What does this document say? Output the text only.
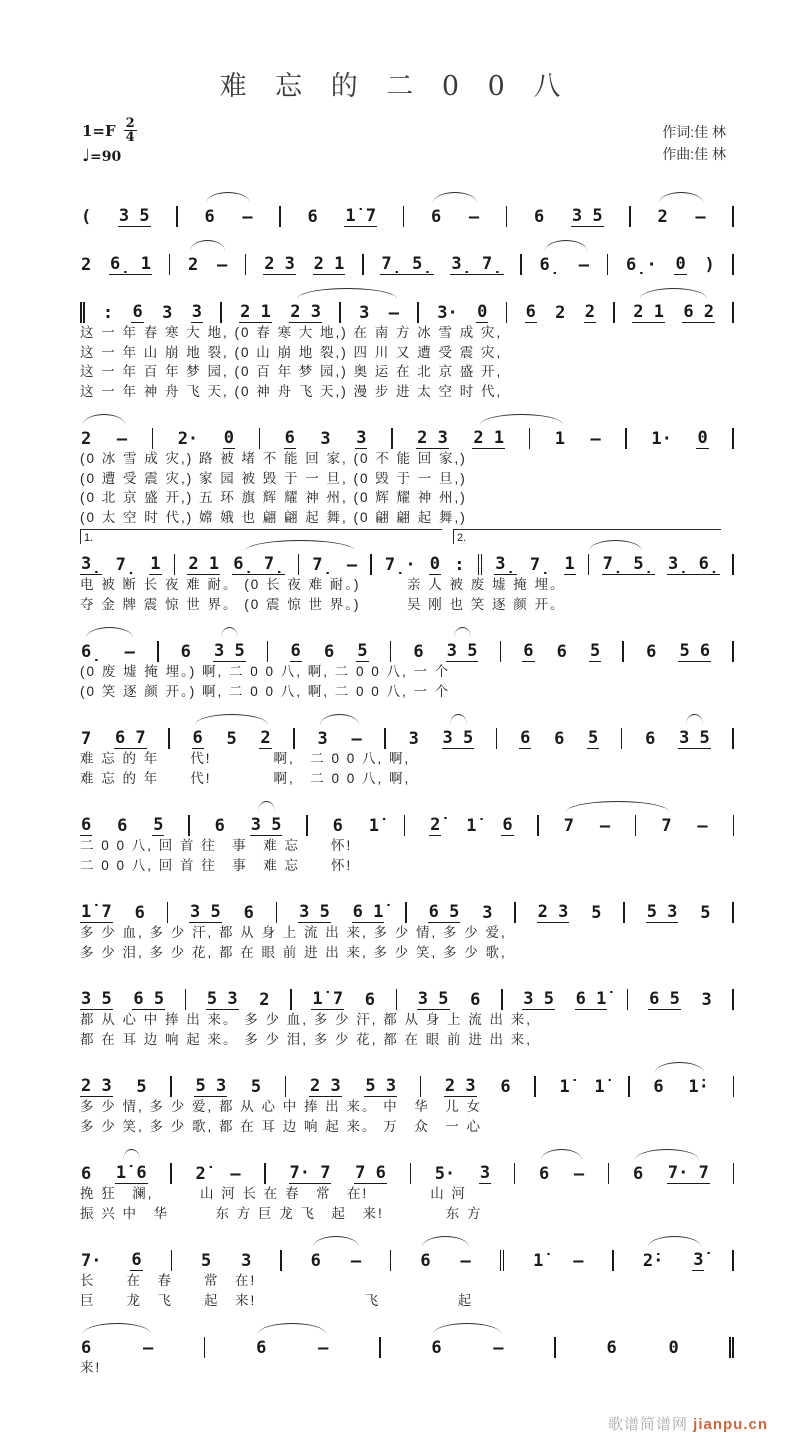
难 忘 的 二 0 0 八
$1=F \frac{2}{4}$
♩=90
作词:佳 林
作曲:佳 林
( 3 5	6 –	6 1̇ 7	6 –	6 3 5	2 –
2 6̣ 1 2 – 2 3 2 1 7̣ 5̣ 3̣ 7̣ 6̣ – 6̣· 0 )
: 6 3 3 2 1 2 3 3 – 3· 0 6 2 2 2 1 6 2
这 一 年 春 寒 大 地, (0 春 寒 大 地,) 在 南 方 冰 雪 成 灾,
这 一 年 山 崩 地 裂, (0 山 崩 地 裂,) 四 川 又 遭 受 震 灾,
这 一 年 百 年 梦 园, (0 百 年 梦 园,) 奥 运 在 北 京 盛 开,
这 一 年 神 舟 飞 天, (0 神 舟 飞 天,) 漫 步 进 太 空 时 代,
2 –	2· 0	6 3 3	2 3 2 1	1 –	1· 0
(0 冰 雪 成 灾,) 路 被 堵 不 能 回 家, (0 不 能 回 家,)
(0 遭 受 震 灾,) 家 园 被 毁 于 一 旦, (0 毁 于 一 旦,)
(0 北 京 盛 开,) 五 环 旗 辉 耀 神 州, (0 辉 耀 神 州,)
(0 太 空 时 代,) 嫦 娥 也 翩 翩 起 舞, (0 翩 翩 起 舞,)
3̣ 7̣ 1 2 1 6̣ 7̣ 7̣ – 7̣· 0 : 3̣ 7̣ 1 7̣ 5̣ 3̣ 6̣
1.	2.
电 被 断 长 夜 难 耐。 (0 长 夜 难 耐。)　　　亲 人 被 废 墟 掩 埋。
夺 金 牌 震 惊 世 界。 (0 震 惊 世 界。)　　　吴 刚 也 笑 逐 颜 开。
6̣ –	6 3 5	6 6 5	6 3 5	6 6 5	6 5 6
(0 废 墟 掩 埋。) 啊, 二 0 0 八, 啊, 二 0 0 八, 一 个
(0 笑 逐 颜 开。) 啊, 二 0 0 八, 啊, 二 0 0 八, 一 个
7 6 7	6 5 2	3 –	3 3 5	6 6 5	6 3 5
难 忘 的 年　　代!　　　　啊,　二 0 0 八, 啊,
难 忘 的 年　　代!　　　　啊,　二 0 0 八, 啊,
6 6 5	6 3 5	6 1̇	2̇ 1̇ 6	7 –	7 –
二 0 0 八, 回 首 往　事　难 忘　　怀!
二 0 0 八, 回 首 往　事　难 忘　　怀!
1̇ 7 6	3 5 6	3 5 6 1̇	6 5 3	2 3 5	5 3 5
多 少 血, 多 少 汗, 都 从 身 上 流 出 来, 多 少 情, 多 少 爱,
多 少 泪, 多 少 花, 都 在 眼 前 进 出 来, 多 少 笑, 多 少 歌,
3 5 6 5	5 3 2	1̇ 7 6	3 5 6	3 5 6 1̇	6 5 3
都 从 心 中 捧 出 来。 多 少 血, 多 少 汗, 都 从 身 上 流 出 来,
都 在 耳 边 响 起 来。 多 少 泪, 多 少 花, 都 在 眼 前 进 出 来,
2 3 5	5 3 5	2 3 5 3	2 3 6	1̇ 1̇	6 1̇·
多 少 情, 多 少 爱, 都 从 心 中 捧 出 来。 中　华　儿 女
多 少 笑, 多 少 歌, 都 在 耳 边 响 起 来。 万　众　一 心
6 1̇ 6	2̇ –	7· 7 7 6	5· 3	6 –	6 7· 7
挽 狂　澜,　　　山 河 长 在 春　常　在!　　　　山 河
振 兴 中　华　　　东 方 巨 龙 飞　起　来!　　　　东 方
7· 6	5 3	6 –	6 –	1̇ –	2̇· 3̇
长　　在　春　　常　在!
巨　　龙　飞　　起　来!　　　　　　　飞　　　　　起
6	–	6	–	6	–	6	0
来!
歌谱简谱网 jianpu.cn
